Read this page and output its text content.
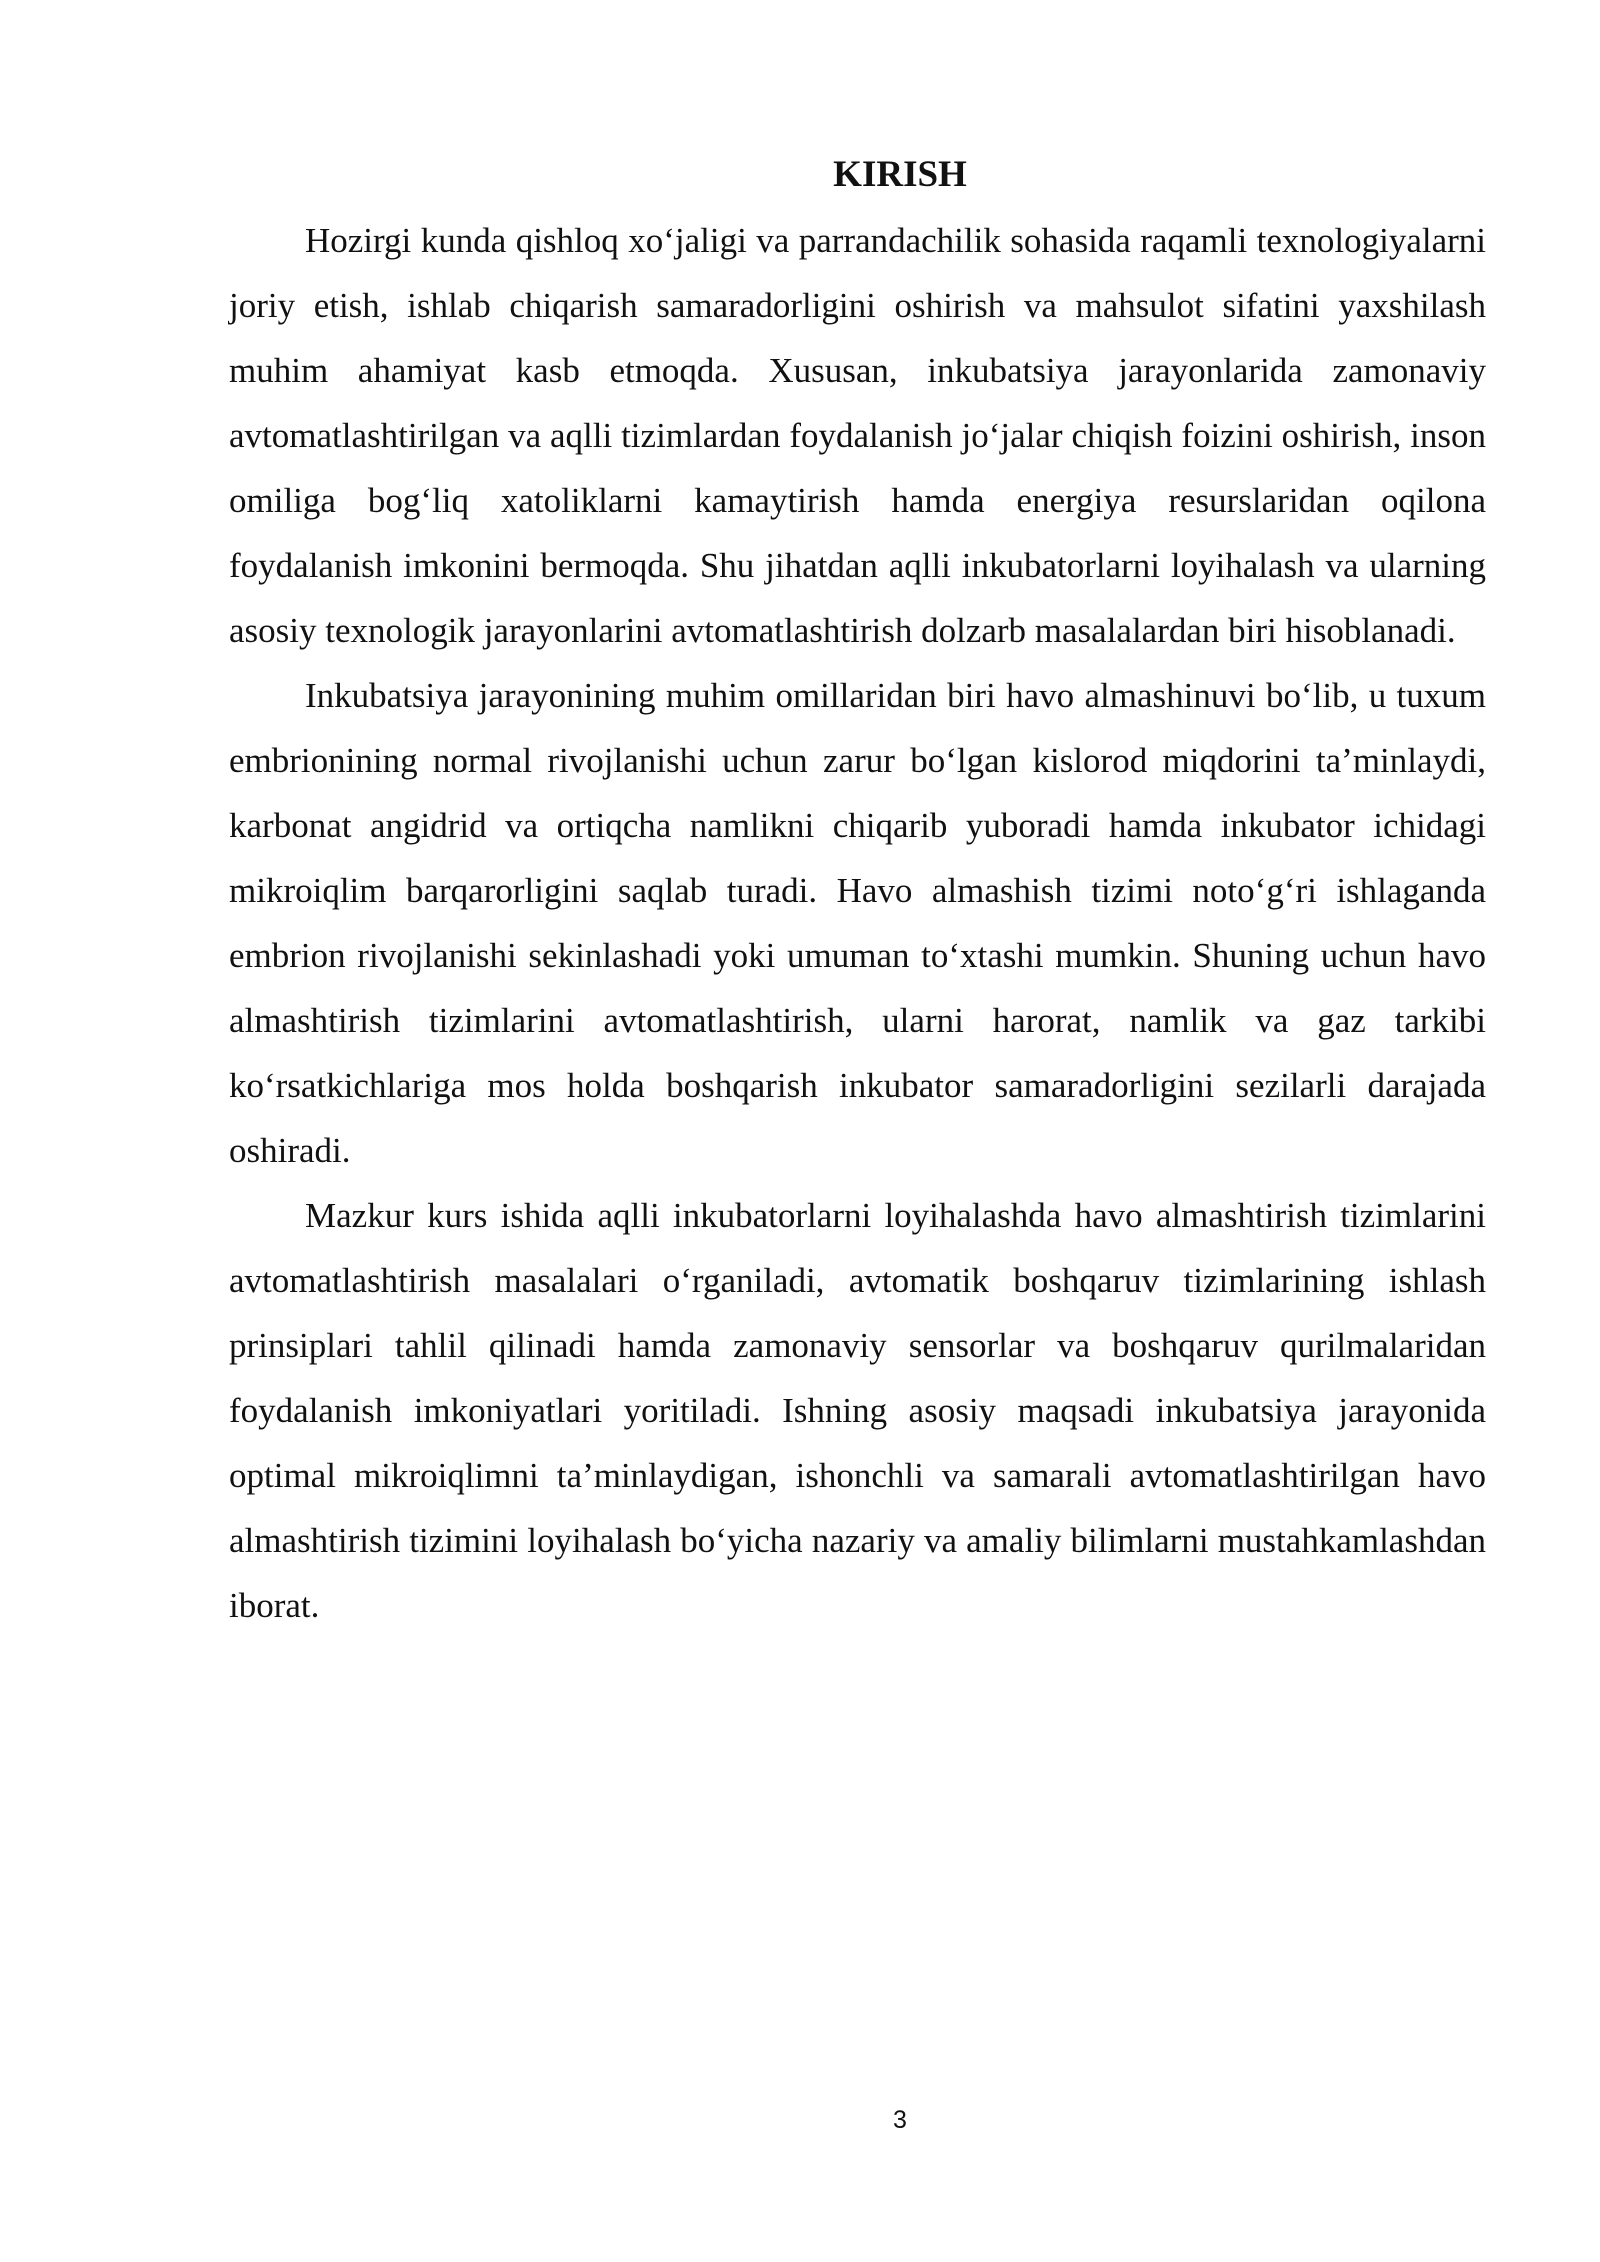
KIRISH

Hozirgi kunda qishloq xo‘jaligi va parrandachilik sohasida raqamli texnologiyalarni joriy etish, ishlab chiqarish samaradorligini oshirish va mahsulot sifatini yaxshilash muhim ahamiyat kasb etmoqda. Xususan, inkubatsiya jarayonlarida zamonaviy avtomatlashtirilgan va aqlli tizimlardan foydalanish jo‘jalar chiqish foizini oshirish, inson omiliga bog‘liq xatoliklarni kamaytirish hamda energiya resurslaridan oqilona foydalanish imkonini bermoqda. Shu jihatdan aqlli inkubatorlarni loyihalash va ularning asosiy texnologik jarayonlarini avtomatlashtirish dolzarb masalalardan biri hisoblanadi.

Inkubatsiya jarayonining muhim omillaridan biri havo almashinuvi bo‘lib, u tuxum embrionining normal rivojlanishi uchun zarur bo‘lgan kislorod miqdorini ta’minlaydi, karbonat angidrid va ortiqcha namlikni chiqarib yuboradi hamda inkubator ichidagi mikroiqlim barqarorligini saqlab turadi. Havo almashish tizimi noto‘g‘ri ishlaganda embrion rivojlanishi sekinlashadi yoki umuman to‘xtashi mumkin. Shuning uchun havo almashtirish tizimlarini avtomatlashtirish, ularni harorat, namlik va gaz tarkibi ko‘rsatkichlariga mos holda boshqarish inkubator samaradorligini sezilarli darajada oshiradi.

Mazkur kurs ishida aqlli inkubatorlarni loyihalashda havo almashtirish tizimlarini avtomatlashtirish masalalari o‘rganiladi, avtomatik boshqaruv tizimlarining ishlash prinsiplari tahlil qilinadi hamda zamonaviy sensorlar va boshqaruv qurilmalaridan foydalanish imkoniyatlari yoritiladi. Ishning asosiy maqsadi inkubatsiya jarayonida optimal mikroiqlimni ta’minlaydigan, ishonchli va samarali avtomatlashtirilgan havo almashtirish tizimini loyihalash bo‘yicha nazariy va amaliy bilimlarni mustahkamlashdan iborat.

3
